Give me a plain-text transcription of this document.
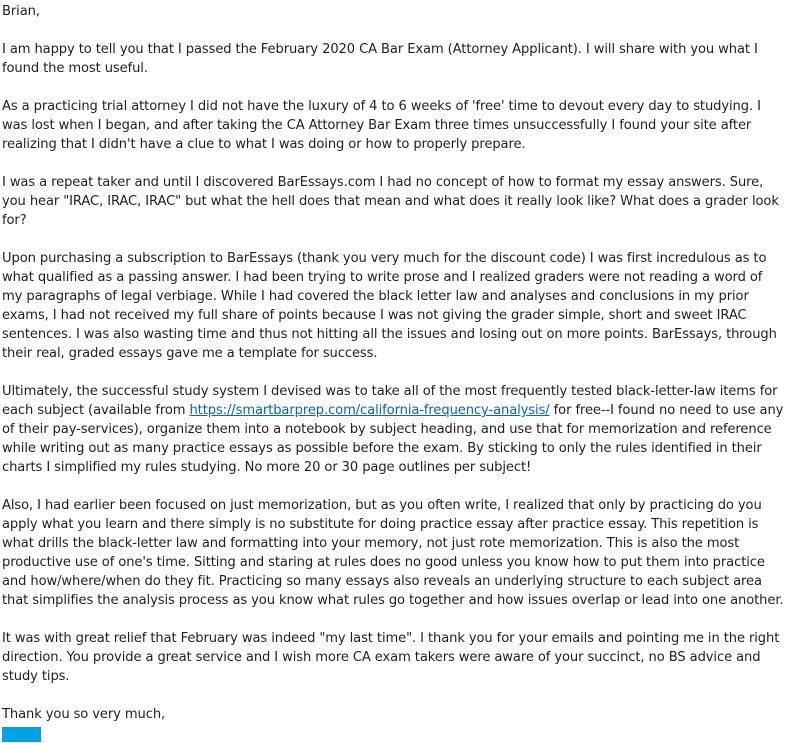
Brian,

I am happy to tell you that I passed the February 2020 CA Bar Exam (Attorney Applicant). I will share with you what I found the most useful.

As a practicing trial attorney I did not have the luxury of 4 to 6 weeks of 'free' time to devout every day to studying. I was lost when I began, and after taking the CA Attorney Bar Exam three times unsuccessfully I found your site after realizing that I didn't have a clue to what I was doing or how to properly prepare.

I was a repeat taker and until I discovered BarEssays.com I had no concept of how to format my essay answers. Sure, you hear "IRAC, IRAC, IRAC" but what the hell does that mean and what does it really look like? What does a grader look for?

Upon purchasing a subscription to BarEssays (thank you very much for the discount code) I was first incredulous as to what qualified as a passing answer. I had been trying to write prose and I realized graders were not reading a word of my paragraphs of legal verbiage. While I had covered the black letter law and analyses and conclusions in my prior exams, I had not received my full share of points because I was not giving the grader simple, short and sweet IRAC sentences. I was also wasting time and thus not hitting all the issues and losing out on more points. BarEssays, through their real, graded essays gave me a template for success.

Ultimately, the successful study system I devised was to take all of the most frequently tested black-letter-law items for each subject (available from https://smartbarprep.com/california-frequency-analysis/ for free--I found no need to use any of their pay-services), organize them into a notebook by subject heading, and use that for memorization and reference while writing out as many practice essays as possible before the exam. By sticking to only the rules identified in their charts I simplified my rules studying. No more 20 or 30 page outlines per subject!

Also, I had earlier been focused on just memorization, but as you often write, I realized that only by practicing do you apply what you learn and there simply is no substitute for doing practice essay after practice essay. This repetition is what drills the black-letter law and formatting into your memory, not just rote memorization. This is also the most productive use of one's time. Sitting and staring at rules does no good unless you know how to put them into practice and how/where/when do they fit. Practicing so many essays also reveals an underlying structure to each subject area that simplifies the analysis process as you know what rules go together and how issues overlap or lead into one another.

It was with great relief that February was indeed "my last time". I thank you for your emails and pointing me in the right direction. You provide a great service and I wish more CA exam takers were aware of your succinct, no BS advice and study tips.

Thank you so very much,
